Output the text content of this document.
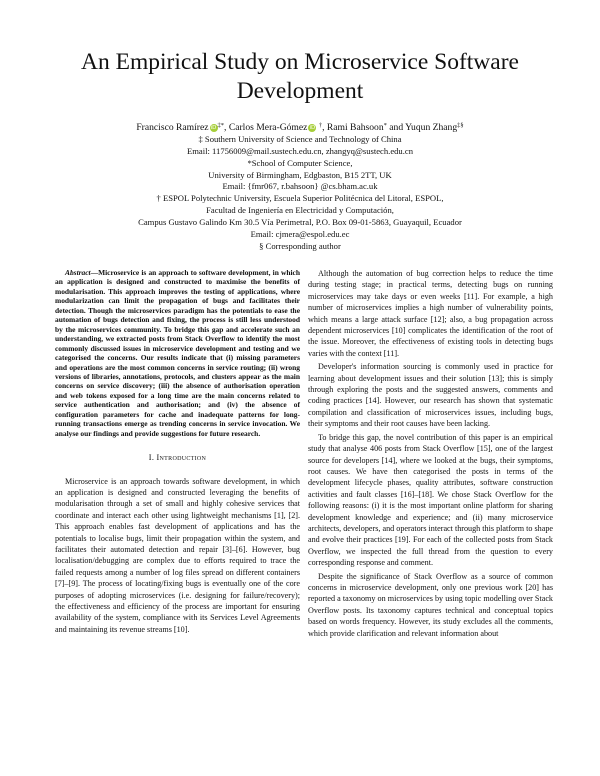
An Empirical Study on Microservice Software Development
Francisco Ramírez iD‡*, Carlos Mera-Gómez iD †, Rami Bahsoon* and Yuqun Zhang‡§
‡ Southern University of Science and Technology of China
Email: 11756009@mail.sustech.edu.cn, zhangyq@sustech.edu.cn
*School of Computer Science,
University of Birmingham, Edgbaston, B15 2TT, UK
Email: {fmr067, r.bahsoon} @cs.bham.ac.uk
† ESPOL Polytechnic University, Escuela Superior Politécnica del Litoral, ESPOL,
Facultad de Ingeniería en Electricidad y Computación,
Campus Gustavo Galindo Km 30.5 Vía Perimetral, P.O. Box 09-01-5863, Guayaquil, Ecuador
Email: cjmera@espol.edu.ec
§ Corresponding author

Abstract—Microservice is an approach to software development, in which an application is designed and constructed to maximise the benefits of modularisation. This approach improves the testing of applications, where modularization can limit the propagation of bugs and facilitates their detection. Though the microservices paradigm has the potentials to ease the automation of bugs detection and fixing, the process is still less understood by the microservices community. To bridge this gap and accelerate such an understanding, we extracted posts from Stack Overflow to identify the most commonly discussed issues in microservice development and testing and we categorised the concerns. Our results indicate that (i) missing parameters and operations are the most common concerns in service routing; (ii) wrong versions of libraries, annotations, protocols, and clusters appear as the main concerns on service discovery; (iii) the absence of authorisation operation and web tokens exposed for a long time are the main concerns related to service authentication and authorisation; and (iv) the absence of configuration parameters for cache and inadequate patterns for long-running transactions emerge as trending concerns in service invocation. We analyse our findings and provide suggestions for future research.

I. Introduction

Microservice is an approach towards software development, in which an application is designed and constructed leveraging the benefits of modularisation through a set of small and highly cohesive services that coordinate and interact each other using lightweight mechanisms [1], [2]. This approach enables fast development of applications and has the potentials to localise bugs, limit their propagation within the system, and facilitates their automated detection and repair [3]–[6]. However, bug localisation/debugging are complex due to efforts required to trace the failed requests among a number of log files spread on different containers [7]–[9]. The process of locating/fixing bugs is eventually one of the core purposes of adopting microservices (i.e. designing for failure/recovery); the effectiveness and efficiency of the process are important for ensuring availability of the system, compliance with its Services Level Agreements and maintaining its revenue streams [10].

Although the automation of bug correction helps to reduce the time during testing stage; in practical terms, detecting bugs on running microservices may take days or even weeks [11]. For example, a high number of microservices implies a high number of vulnerability points, which means a large attack surface [12]; also, a bug propagation across dependent microservices [10] complicates the identification of the root of the issue. Moreover, the effectiveness of existing tools in detecting bugs varies with the context [11].

Developer's information sourcing is commonly used in practice for learning about development issues and their solution [13]; this is simply through exploring the posts and the suggested answers, comments and coding practices [14]. However, our research has shown that systematic compilation and classification of microservices issues, including bugs, their symptoms and their root causes have been lacking.

To bridge this gap, the novel contribution of this paper is an empirical study that analyse 406 posts from Stack Overflow [15], one of the largest source for developers [14], where we looked at the bugs, their symptoms, root causes. We have then categorised the posts in terms of the development lifecycle phases, quality attributes, software construction activities and fault classes [16]–[18]. We chose Stack Overflow for the following reasons: (i) it is the most important online platform for sharing development knowledge and experience; and (ii) many microservice architects, developers, and operators interact through this platform to shape and evolve their practices [19]. For each of the collected posts from Stack Overflow, we inspected the full thread from the question to every corresponding response and comment.

Despite the significance of Stack Overflow as a source of common concerns in microservice development, only one previous work [20] has reported a taxonomy on microservices by using topic modelling over Stack Overflow posts. Its taxonomy captures technical and conceptual topics based on words frequency. However, its study excludes all the comments, which provide clarification and relevant information about
